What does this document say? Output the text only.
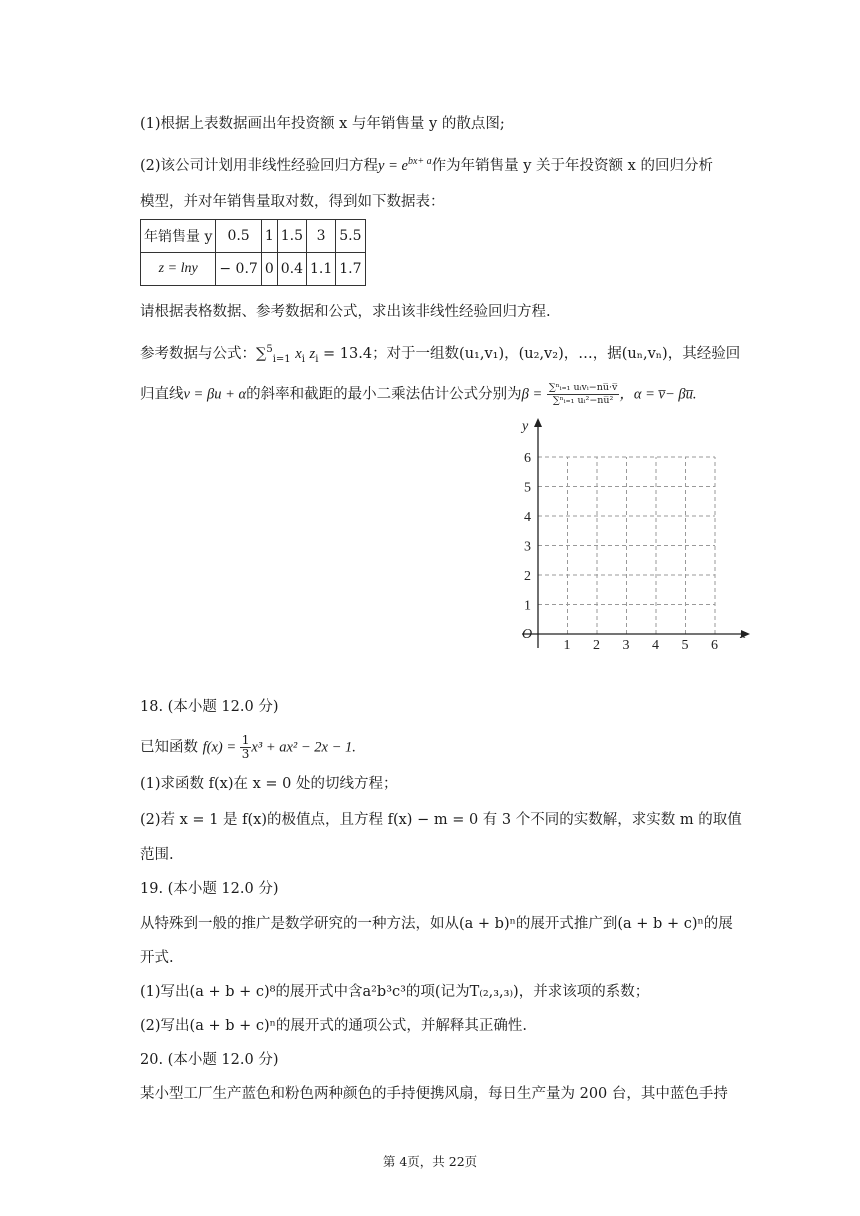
(1)根据上表数据画出年投资额 x 与年销售量 y 的散点图;
(2)该公司计划用非线性经验回归方程$y = e^{bx+ a}$作为年销售量 y 关于年投资额 x 的回归分析
模型，并对年销售量取对数，得到如下数据表：
年销售量 y	0.5	1	1.5	3	5.5
z = lny	− 0.7	0	0.4	1.1	1.7
请根据表格数据、参考数据和公式，求出该非线性经验回归方程.
参考数据与公式：∑$^5_{i=1}$ $x_i$ $z_i = 13.4$；对于一组数(u₁,v₁)，(u₂,v₂)，…，据(uₙ,vₙ)，其经验回
归直线v = βu + α的斜率和截距的最小二乘法估计公式分别为$\beta = \frac{\text{∑ⁿᵢ₌₁ uᵢvᵢ−nu̅·v̅}}{\text{∑ⁿᵢ₌₁ uᵢ²−nu̅²}}$ ，α = v̅− βu̅.
y
x
O
1 2 3 4 5 6
1
2
3
4
5
6
18. (本小题 12.0 分)
已知函数 $f(x) = \frac{1}{3} x^3 + ax^2 - 2x - 1$.
(1)求函数 f(x)在 x = 0 处的切线方程；
(2)若 x = 1 是 f(x)的极值点，且方程 f(x) − m = 0 有 3 个不同的实数解，求实数 m 的取值
范围.
19. (本小题 12.0 分)
从特殊到一般的推广是数学研究的一种方法，如从(a + b)ⁿ的展开式推广到(a + b + c)ⁿ的展
开式.
(1)写出(a + b + c)⁸的展开式中含a²b³c³的项(记为T₍₂,₃,₃₎)，并求该项的系数；
(2)写出(a + b + c)ⁿ的展开式的通项公式，并解释其正确性.
20. (本小题 12.0 分)
某小型工厂生产蓝色和粉色两种颜色的手持便携风扇，每日生产量为 200 台，其中蓝色手持
第 4页，共 22页
